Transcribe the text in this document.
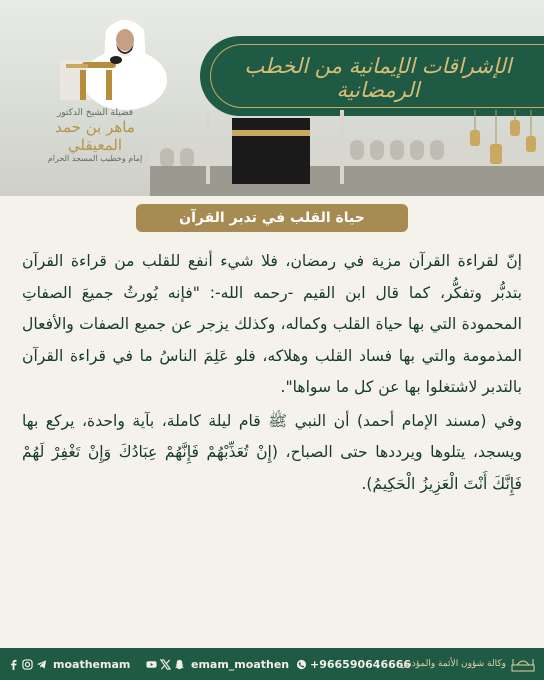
فضيلة الشيخ الدكتور
ماهر بن حمد المعيقلي
إمام وخطيب المسجد الحرام
الإشراقات الإيمانية من الخطب الرمضانية
حياة القلب في تدبر القرآن

إنّ لقراءة القرآن مزية في رمضان، فلا شيء أنفع للقلب من قراءة القرآن بتدبُّر وتفكُّر، كما قال ابن القيم -رحمه الله-: "فإنه يُورثُ جميعَ الصفاتِ المحمودة التي بها حياة القلب وكماله، وكذلك يزجر عن جميع الصفات والأفعال المذمومة والتي بها فساد القلب وهلاكه، فلو عَلِمَ الناسُ ما في قراءة القرآن بالتدبر لاشتغلوا بها عن كل ما سواها".

وفي (مسند الإمام أحمد) أن النبي ﷺ قام ليلة كاملة، بآية واحدة، يركع بها ويسجد، يتلوها ويرددها حتى الصباح، (إِنْ تُعَذِّبْهُمْ فَإِنَّهُمْ عِبَادُكَ وَإِنْ تَغْفِرْ لَهُمْ فَإِنَّكَ أَنْتَ الْعَزِيزُ الْحَكِيمُ).

moathemam	emam_moathen +966590646666
وكالة شؤون الأئمة والمؤذنين
